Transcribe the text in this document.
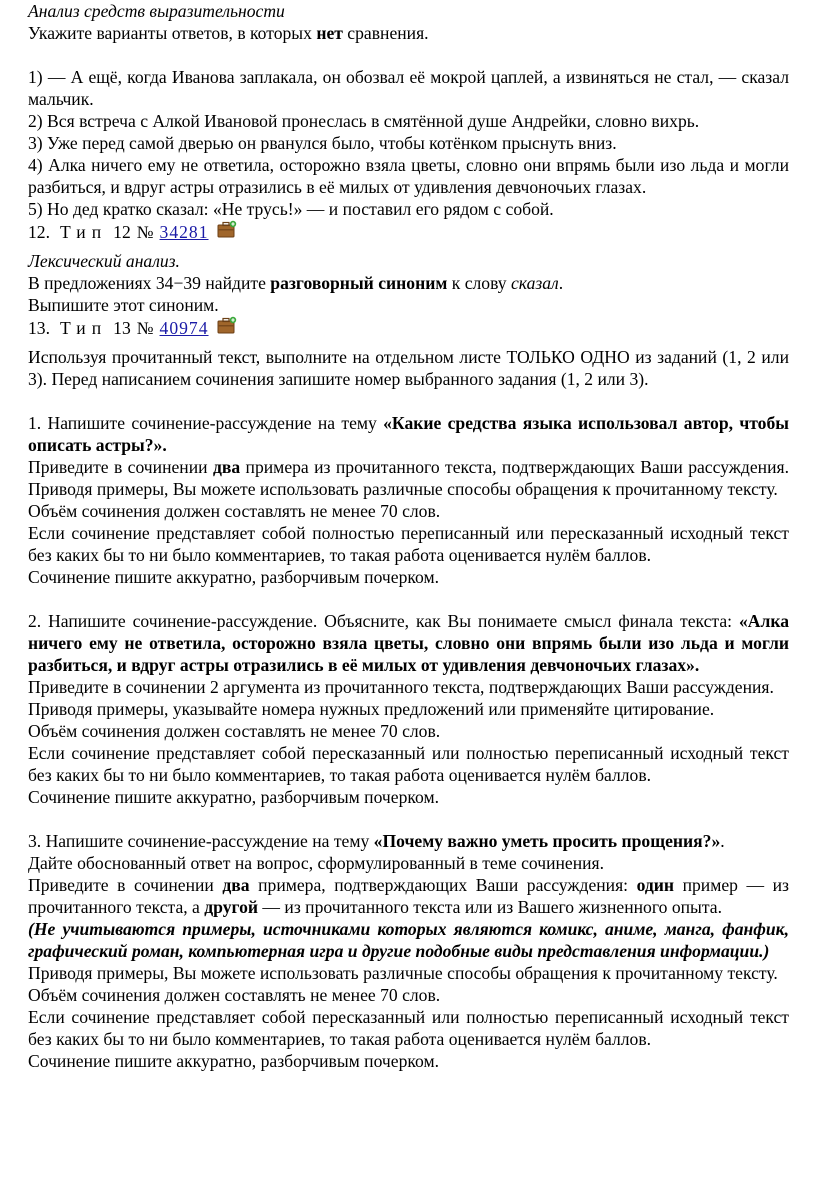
Анализ средств выразительности

Укажите варианты ответов, в которых нет сравнения.

1) — А ещё, когда Иванова заплакала, он обозвал её мокрой цаплей, а извиняться не стал, — сказал мальчик.

2) Вся встреча с Алкой Ивановой пронеслась в смятённой душе Андрейки, словно вихрь.

3) Уже перед самой дверью он рванулся было, чтобы котёнком прыснуть вниз.

4) Алка ничего ему не ответила, осторожно взяла цветы, словно они впрямь были изо льда и могли разбиться, и вдруг астры отразились в её милых от удивления девчоночьих глазах.

5) Но дед кратко сказал: «Не трусь!» — и поставил его рядом с собой.

12. Тип 12 № 34281

Лексический анализ.

В предложениях 34−39 найдите разговорный синоним к слову сказал.

Выпишите этот синоним.

13. Тип 13 № 40974

Используя прочитанный текст, выполните на отдельном листе ТОЛЬКО ОДНО из заданий (1, 2 или 3). Перед написанием сочинения запишите номер выбранного задания (1, 2 или 3).

1. Напишите сочинение-рассуждение на тему «Какие средства языка использовал автор, чтобы описать астры?».

Приведите в сочинении два примера из прочитанного текста, подтверждающих Ваши рассуждения. Приводя примеры, Вы можете использовать различные способы обращения к прочитанному тексту.

Объём сочинения должен составлять не менее 70 слов.

Если сочинение представляет собой полностью переписанный или пересказанный исходный текст без каких бы то ни было комментариев, то такая работа оценивается нулём баллов.

Сочинение пишите аккуратно, разборчивым почерком.

2. Напишите сочинение-рассуждение. Объясните, как Вы понимаете смысл финала текста: «Алка ничего ему не ответила, осторожно взяла цветы, словно они впрямь были изо льда и могли разбиться, и вдруг астры отразились в её милых от удивления девчоночьих глазах».

Приведите в сочинении 2 аргумента из прочитанного текста, подтверждающих Ваши рассуждения.

Приводя примеры, указывайте номера нужных предложений или применяйте цитирование.

Объём сочинения должен составлять не менее 70 слов.

Если сочинение представляет собой пересказанный или полностью переписанный исходный текст без каких бы то ни было комментариев, то такая работа оценивается нулём баллов.

Сочинение пишите аккуратно, разборчивым почерком.

3. Напишите сочинение-рассуждение на тему «Почему важно уметь просить прощения?».

Дайте обоснованный ответ на вопрос, сформулированный в теме сочинения.

Приведите в сочинении два примера, подтверждающих Ваши рассуждения: один пример — из прочитанного текста, а другой — из прочитанного текста или из Вашего жизненного опыта.

(Не учитываются примеры, источниками которых являются комикс, аниме, манга, фанфик, графический роман, компьютерная игра и другие подобные виды представления информации.)

Приводя примеры, Вы можете использовать различные способы обращения к прочитанному тексту.

Объём сочинения должен составлять не менее 70 слов.

Если сочинение представляет собой пересказанный или полностью переписанный исходный текст без каких бы то ни было комментариев, то такая работа оценивается нулём баллов.

Сочинение пишите аккуратно, разборчивым почерком.
